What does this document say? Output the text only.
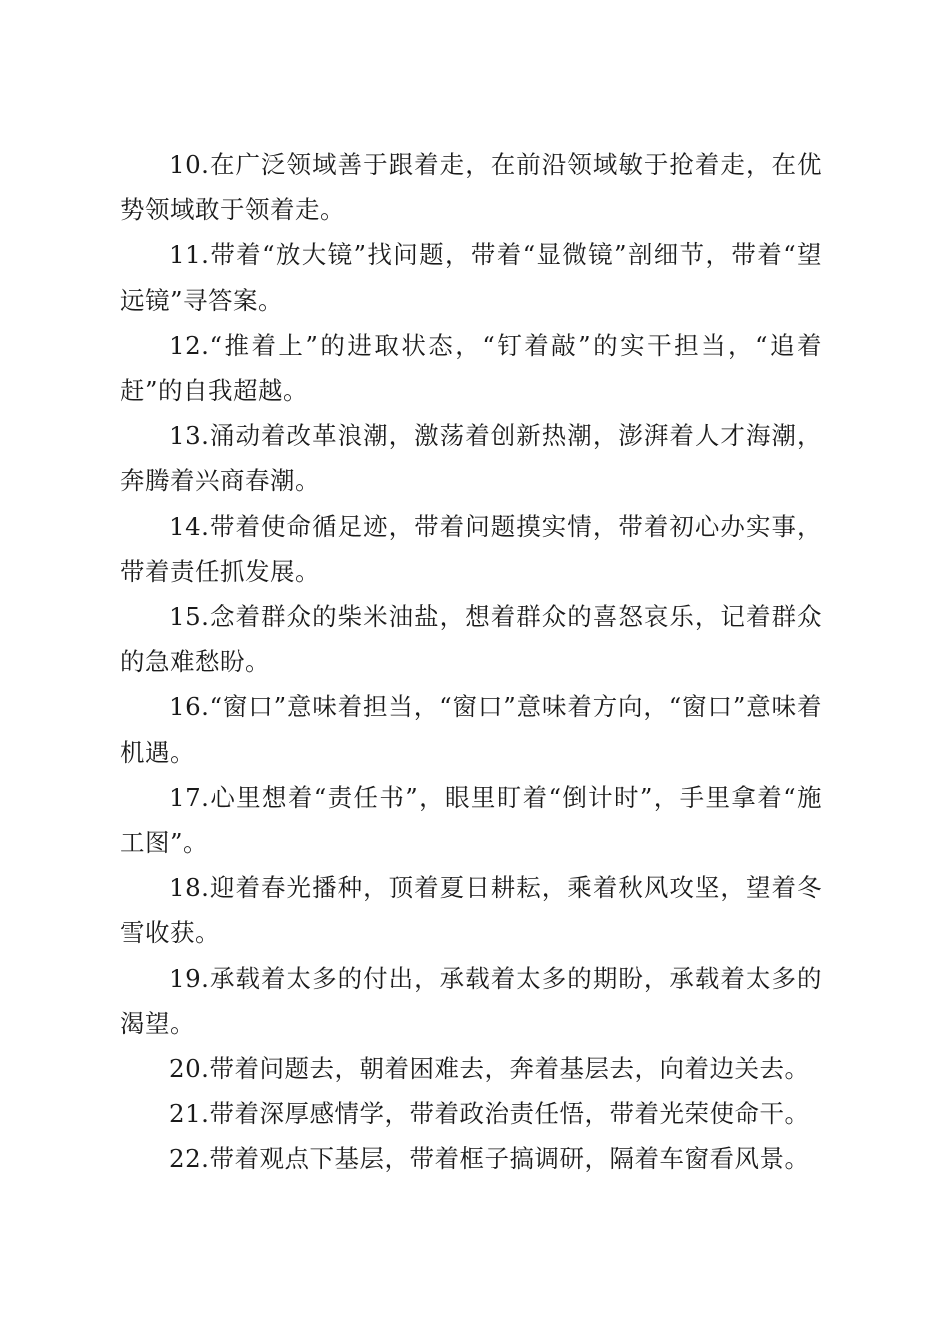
10.在广泛领域善于跟着走，在前沿领域敏于抢着走，在优势领域敢于领着走。

11.带着“放大镜”找问题，带着“显微镜”剖细节，带着“望远镜”寻答案。

12.“推着上”的进取状态，“钉着敲”的实干担当，“追着赶”的自我超越。

13.涌动着改革浪潮，激荡着创新热潮，澎湃着人才海潮，奔腾着兴商春潮。

14.带着使命循足迹，带着问题摸实情，带着初心办实事，带着责任抓发展。

15.念着群众的柴米油盐，想着群众的喜怒哀乐，记着群众的急难愁盼。

16.“窗口”意味着担当，“窗口”意味着方向，“窗口”意味着机遇。

17.心里想着“责任书”，眼里盯着“倒计时”，手里拿着“施工图”。

18.迎着春光播种，顶着夏日耕耘，乘着秋风攻坚，望着冬雪收获。

19.承载着太多的付出，承载着太多的期盼，承载着太多的渴望。

20.带着问题去，朝着困难去，奔着基层去，向着边关去。

21.带着深厚感情学，带着政治责任悟，带着光荣使命干。

22.带着观点下基层，带着框子搞调研，隔着车窗看风景。
